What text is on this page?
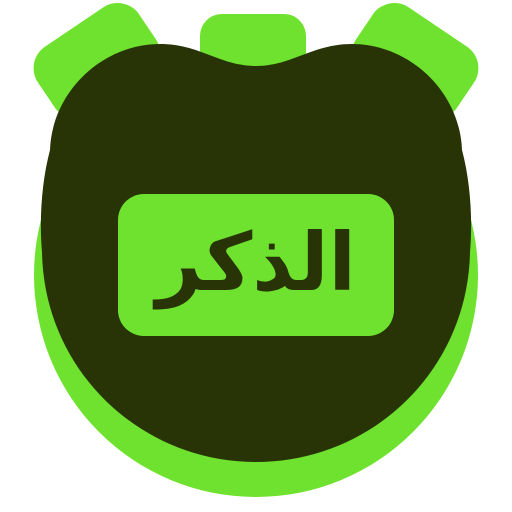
الذكر
